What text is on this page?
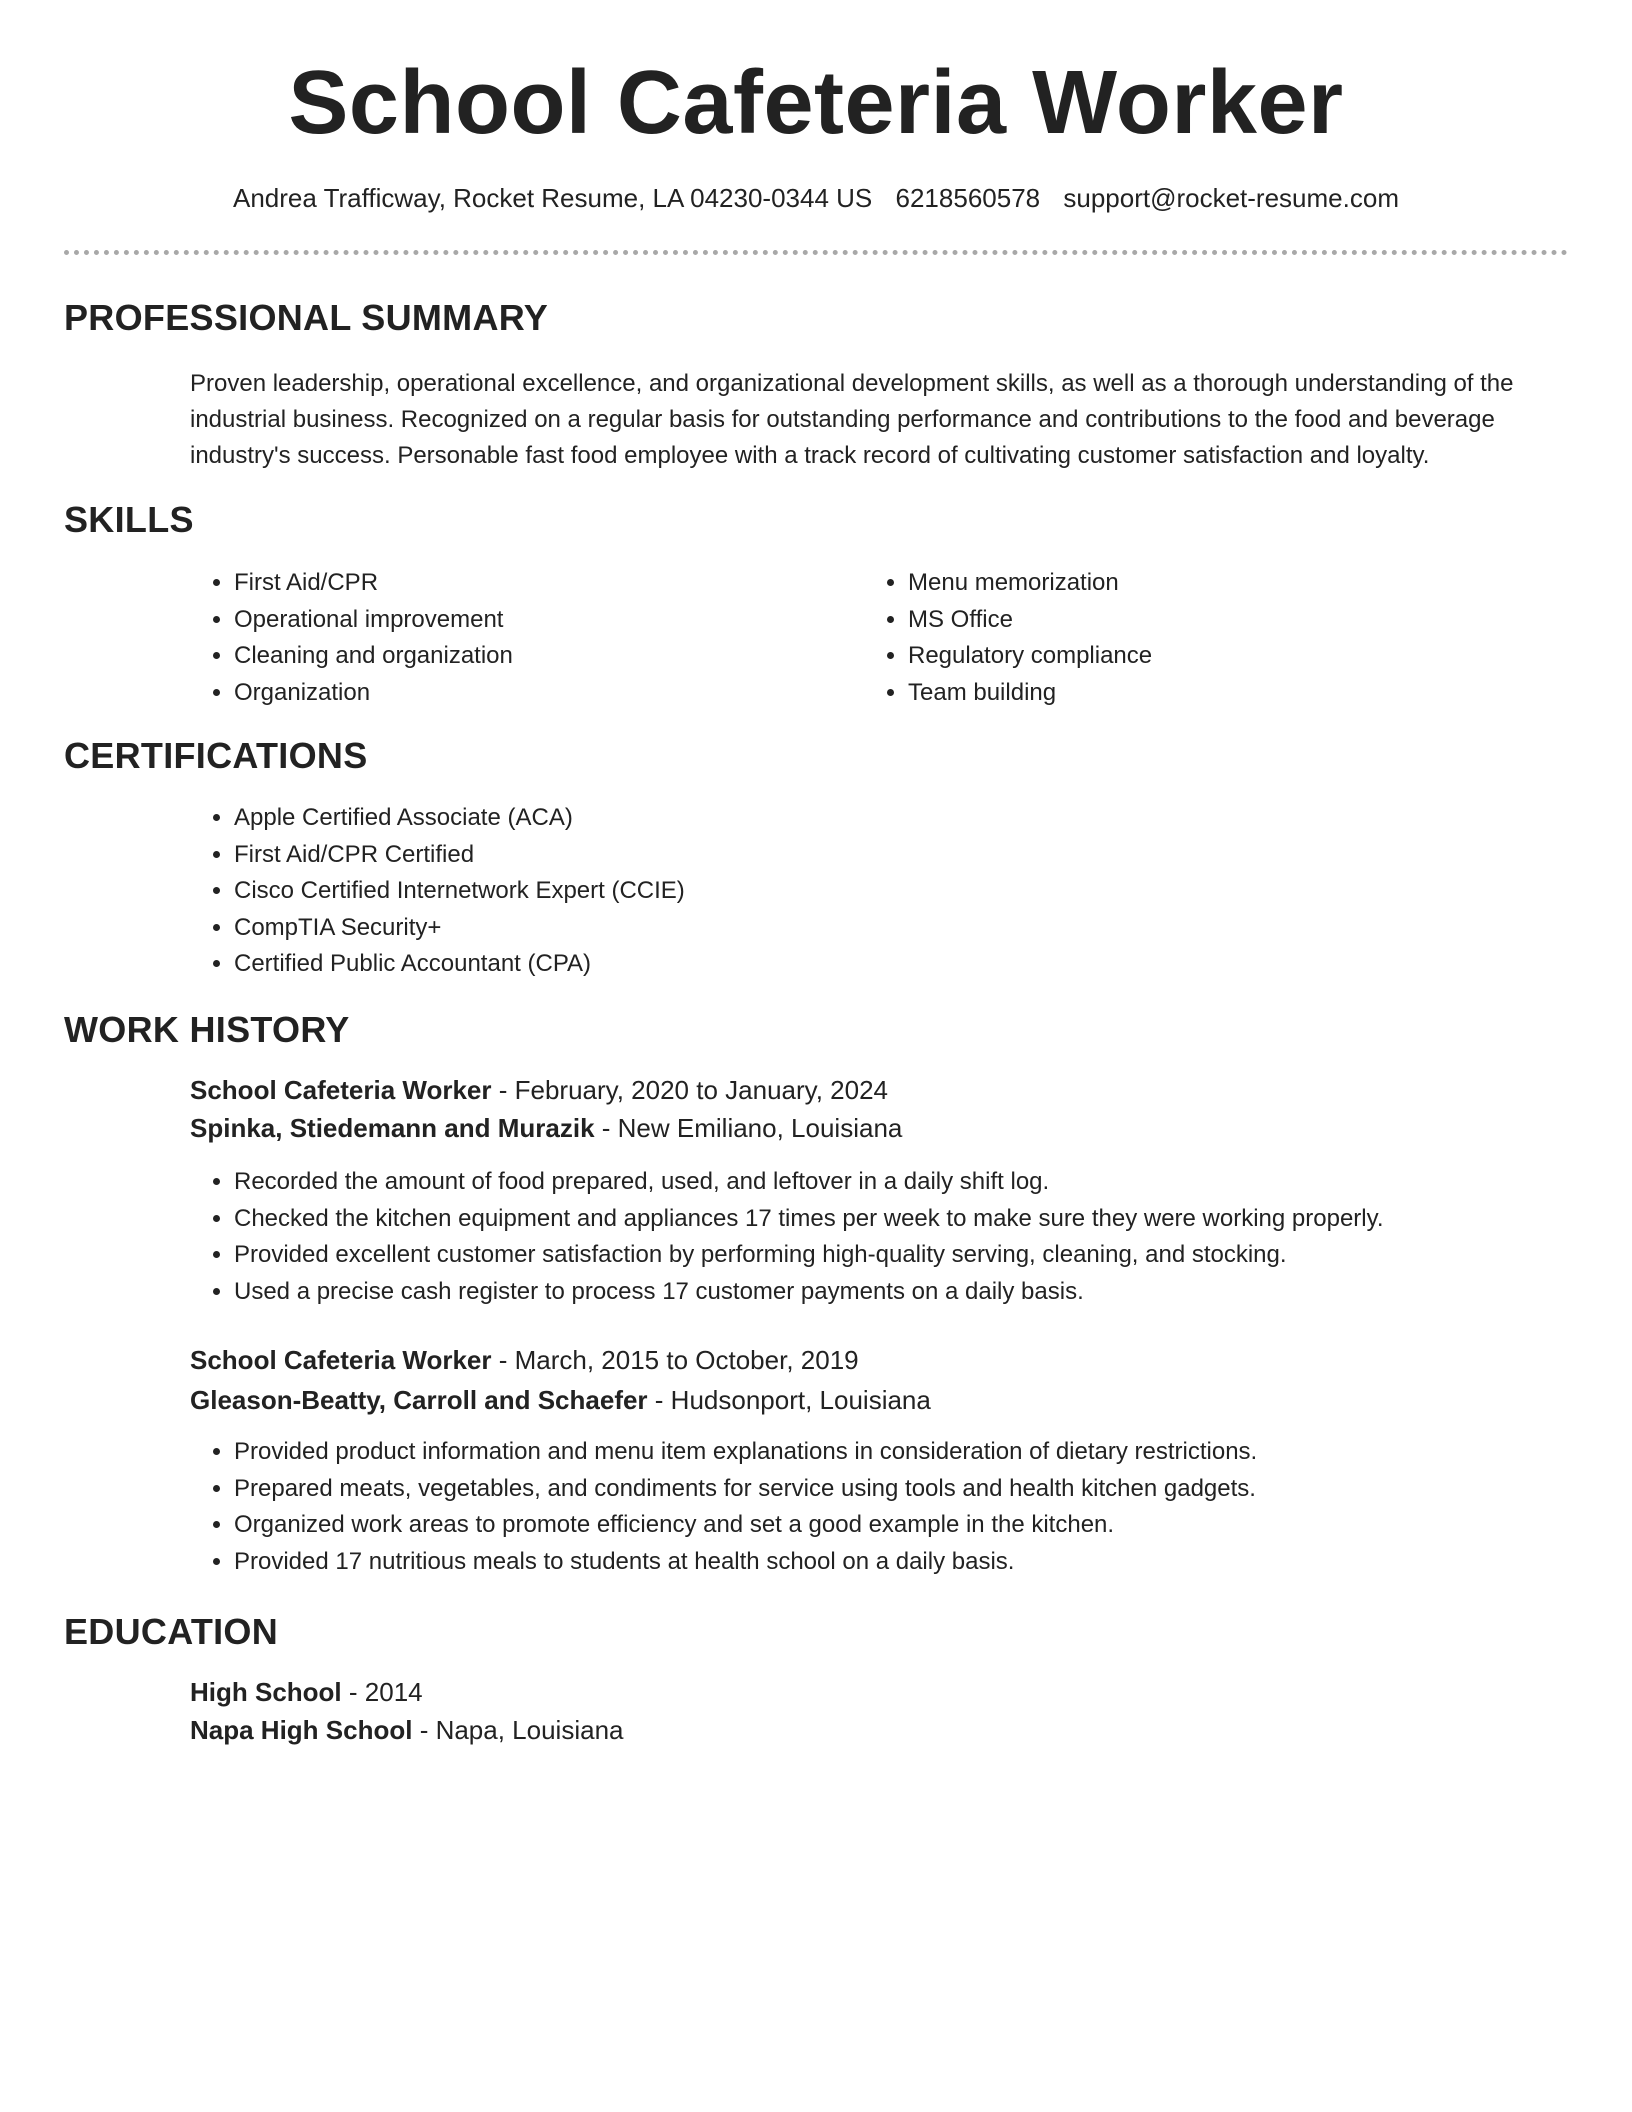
School Cafeteria Worker
Andrea Trafficway, Rocket Resume, LA 04230-0344 US 6218560578 support@rocket-resume.com
PROFESSIONAL SUMMARY

Proven leadership, operational excellence, and organizational development skills, as well as a thorough understanding of the industrial business. Recognized on a regular basis for outstanding performance and contributions to the food and beverage industry's success. Personable fast food employee with a track record of cultivating customer satisfaction and loyalty.

SKILLS
• First Aid/CPR
• Operational improvement
• Cleaning and organization
• Organization
• Menu memorization
• MS Office
• Regulatory compliance
• Team building
CERTIFICATIONS
• Apple Certified Associate (ACA)
• First Aid/CPR Certified
• Cisco Certified Internetwork Expert (CCIE)
• CompTIA Security+
• Certified Public Accountant (CPA)
WORK HISTORY
School Cafeteria Worker - February, 2020 to January, 2024
Spinka, Stiedemann and Murazik - New Emiliano, Louisiana
• Recorded the amount of food prepared, used, and leftover in a daily shift log.
• Checked the kitchen equipment and appliances 17 times per week to make sure they were working properly.
• Provided excellent customer satisfaction by performing high-quality serving, cleaning, and stocking.
• Used a precise cash register to process 17 customer payments on a daily basis.
School Cafeteria Worker - March, 2015 to October, 2019
Gleason-Beatty, Carroll and Schaefer - Hudsonport, Louisiana
• Provided product information and menu item explanations in consideration of dietary restrictions.
• Prepared meats, vegetables, and condiments for service using tools and health kitchen gadgets.
• Organized work areas to promote efficiency and set a good example in the kitchen.
• Provided 17 nutritious meals to students at health school on a daily basis.
EDUCATION
High School - 2014
Napa High School - Napa, Louisiana
